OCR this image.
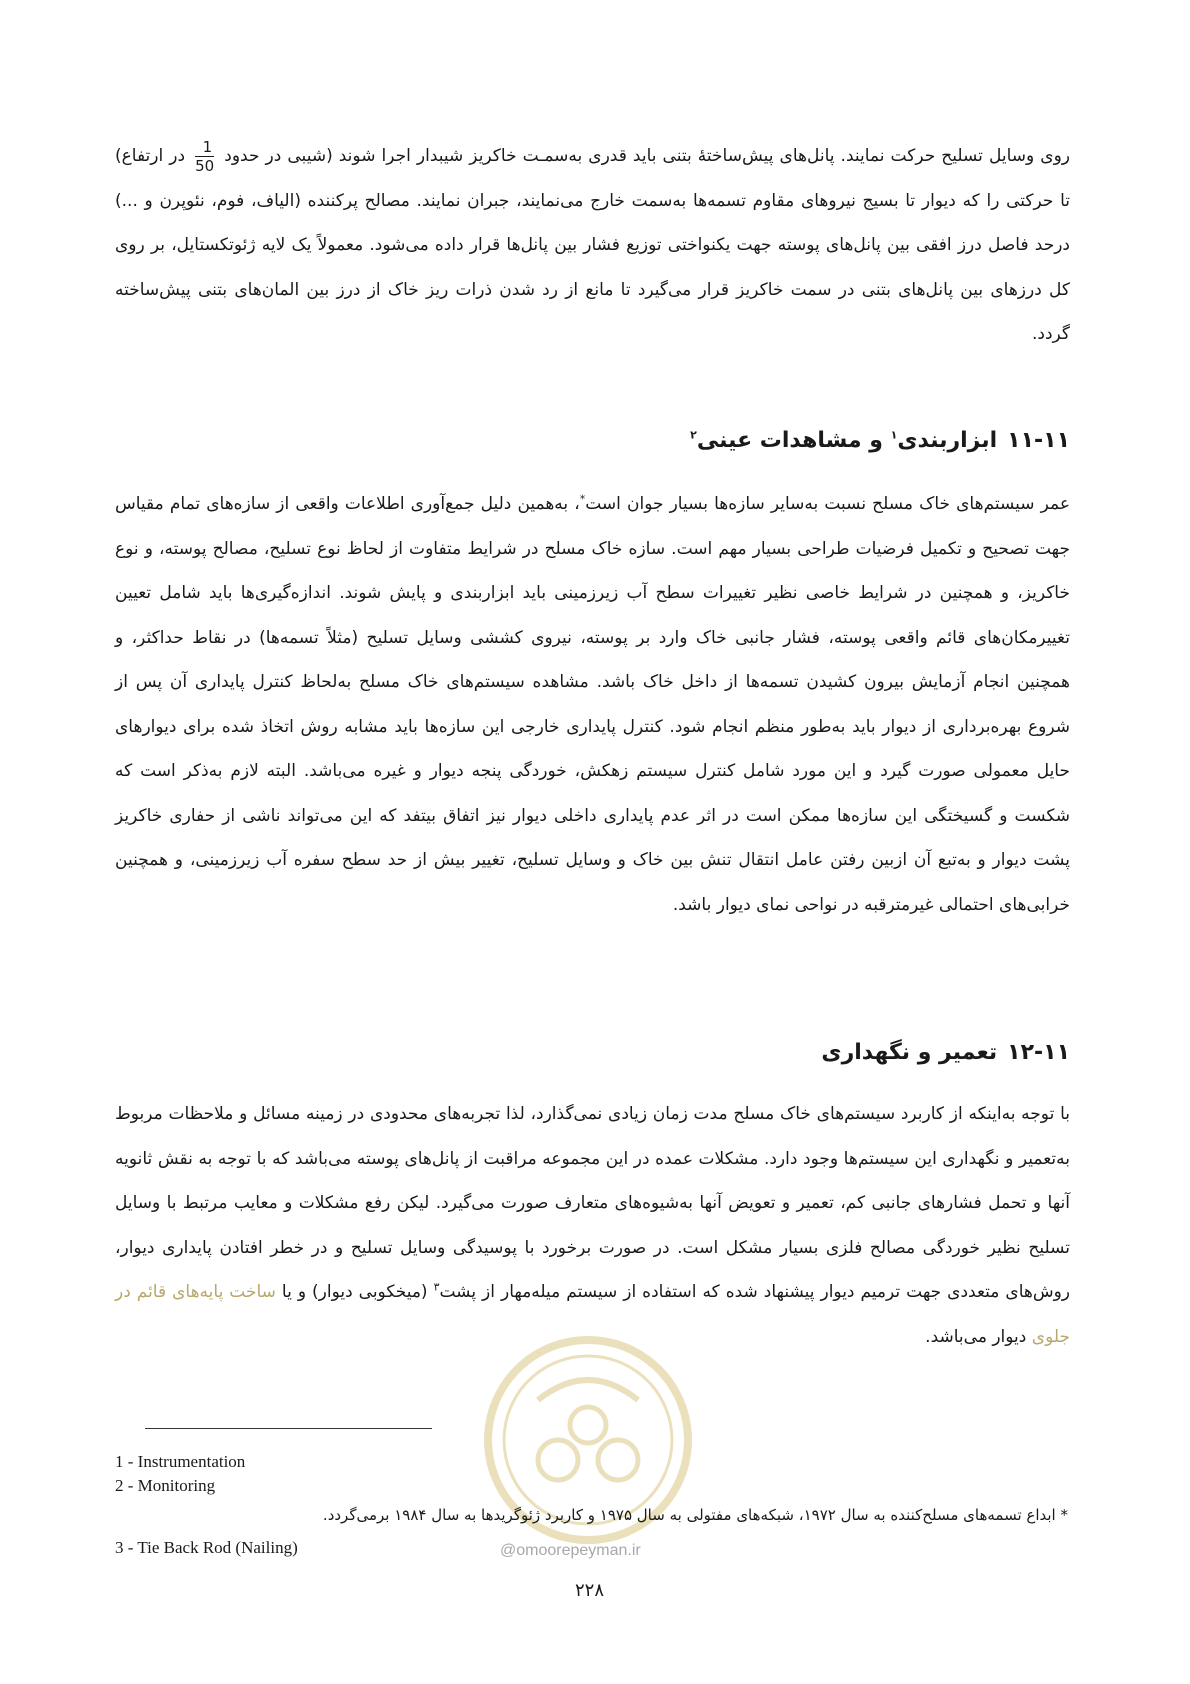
روی وسایل تسلیح حرکت نمایند. پانل‌های پیش‌ساختهٔ بتنی باید قدری به‌سمـت خاکریز شیبدار اجرا شوند (شیبی در حدود
$\frac{1}{50}$
در ارتفاع) تا حرکتی را که دیوار تا بسیج نیروهای مقاوم تسمه‌ها به‌سمت خارج می‌نمایند، جبران نمایند. مصالح پرکننده (الیاف، فوم، نئوپرن و ...) درحد فاصل درز افقی بین پانل‌های پوسته جهت یکنواختی توزیع فشار بین پانل‌ها قرار داده می‌شود. معمولاً یک لایه ژئوتکستایل، بر روی کل درزهای بین پانل‌های بتنی در سمت خاکریز قرار می‌گیرد تا مانع از رد شدن ذرات ریز خاک از درز بین المان‌های بتنی پیش‌ساخته گردد.
۱۱-۱۱ابزاربندی$^۱$ و مشاهدات عینی$^۲$
عمر سیستم‌های خاک مسلح نسبت به‌سایر سازه‌ها بسیار جوان است*، به‌همین دلیل جمع‌آوری اطلاعات واقعی از سازه‌های تمام مقیاس جهت تصحیح و تکمیل فرضیات طراحی بسیار مهم است. سازه خاک مسلح در شرایط متفاوت از لحاظ نوع تسلیح، مصالح پوسته، و نوع خاکریز، و همچنین در شرایط خاصی نظیر تغییرات سطح آب زیرزمینی باید ابزاربندی و پایش شوند. اندازه‌گیری‌ها باید شامل تعیین تغییرمکان‌های قائم واقعی پوسته، فشار جانبی خاک وارد بر پوسته، نیروی کششی وسایل تسلیح (مثلاً تسمه‌ها) در نقاط حداکثر، و همچنین انجام آزمایش بیرون کشیدن تسمه‌ها از داخل خاک باشد. مشاهده سیستم‌های خاک مسلح به‌لحاظ کنترل پایداری آن پس از شروع بهره‌برداری از دیوار باید به‌طور منظم انجام شود. کنترل پایداری خارجی این سازه‌ها باید مشابه روش اتخاذ شده برای دیوارهای حایل معمولی صورت گیرد و این مورد شامل کنترل سیستم زهکش، خوردگی پنجه دیوار و غیره می‌باشد. البته لازم به‌ذکر است که شکست و گسیختگی این سازه‌ها ممکن است در اثر عدم پایداری داخلی دیوار نیز اتفاق بیتفد که این می‌تواند ناشی از حفاری خاکریز پشت دیوار و به‌تبع آن ازبین رفتن عامل انتقال تنش بین خاک و وسایل تسلیح، تغییر بیش از حد سطح سفره آب زیرزمینی، و همچنین خرابی‌های احتمالی غیرمترقبه در نواحی نمای دیوار باشد.
۱۲-۱۱تعمیر و نگهداری
با توجه به‌اینکه از کاربرد سیستم‌های خاک مسلح مدت زمان زیادی نمی‌گذارد، لذا تجربه‌های محدودی در زمینه مسائل و ملاحظات مربوط به‌تعمیر و نگهداری این سیستم‌ها وجود دارد. مشکلات عمده در این مجموعه مراقبت از پانل‌های پوسته می‌باشد که با توجه به نقش ثانویه آنها و تحمل فشارهای جانبی کم، تعمیر و تعویض آنها به‌شیوه‌های متعارف صورت می‌گیرد. لیکن رفع مشکلات و معایب مرتبط با وسایل تسلیح نظیر خوردگی مصالح فلزی بسیار مشکل است. در صورت برخورد با پوسیدگی وسایل تسلیح و در خطر افتادن پایداری دیوار، روش‌های متعددی جهت ترمیم دیوار پیشنهاد شده که استفاده از سیستم میله‌مهار از پشت$^۳$ (میخکوبی دیوار) و یا ساخت پایه‌های قائم در جلوی دیوار می‌باشد.
1 - Instrumentation
2 - Monitoring
* ابداع تسمه‌های مسلح‌کننده به سال ۱۹۷۲، شبکه‌های مفتولی به سال ۱۹۷۵ و کاربرد ژئوگریدها به سال ۱۹۸۴ برمی‌گردد.
3 - Tie Back Rod (Nailing)	@omoorepeyman.ir
۲۲۸
